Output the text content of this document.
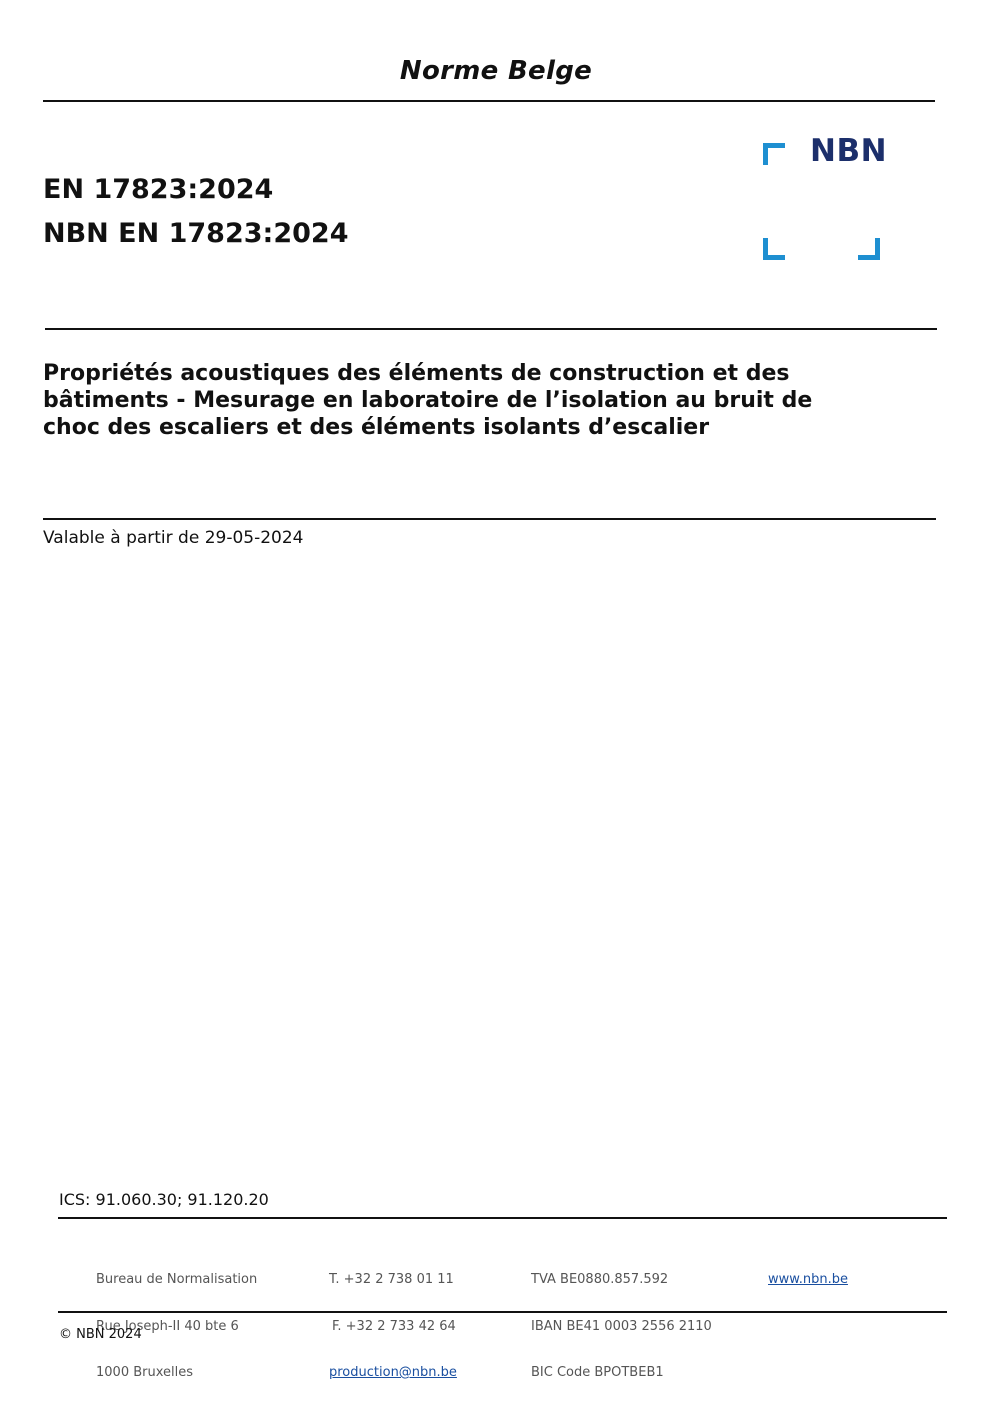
Norme Belge
EN 17823:2024
NBN EN 17823:2024
NBN
Propriétés acoustiques des éléments de construction et des
bâtiments - Mesurage en laboratoire de l’isolation au bruit de
choc des escaliers et des éléments isolants d’escalier
Valable à partir de 29-05-2024
ICS: 91.060.30; 91.120.20

Bureau de Normalisation

Rue Joseph-II 40 bte 6

1000 Bruxelles

T. +32 2 738 01 11

F. +32 2 733 42 64

production@nbn.be

TVA BE0880.857.592

IBAN BE41 0003 2556 2110

BIC Code BPOTBEB1

www.nbn.be

© NBN 2024
